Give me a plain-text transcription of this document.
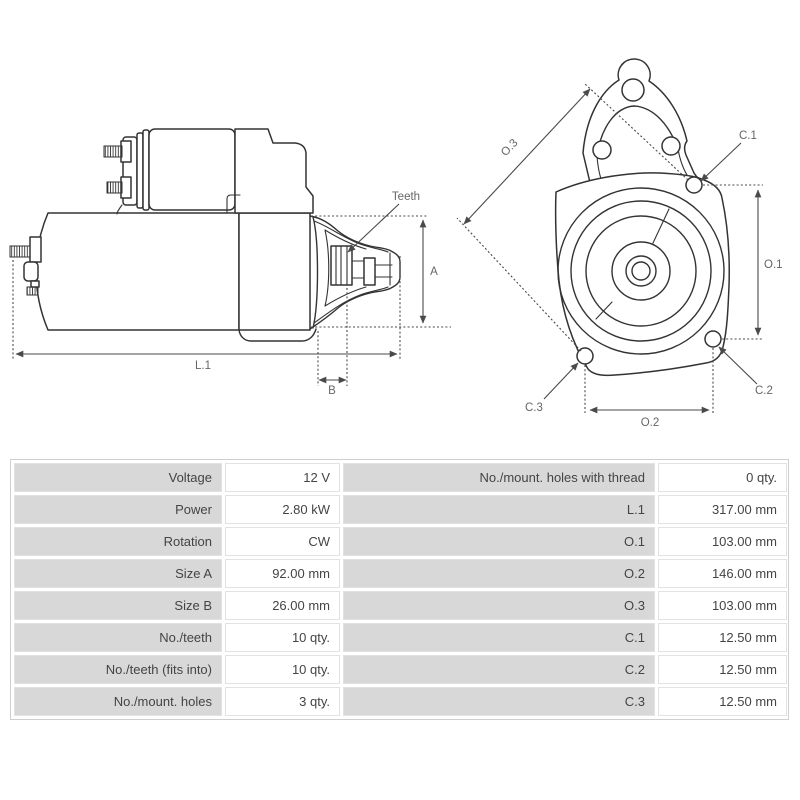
Teeth
A
L.1
B
O.3
O.1
O.2
C.1
C.2
C.3
Voltage	12 V	No./mount. holes with thread	0 qty.
Power	2.80 kW	L.1	317.00 mm
Rotation	CW	O.1	103.00 mm
Size A	92.00 mm	O.2	146.00 mm
Size B	26.00 mm	O.3	103.00 mm
No./teeth	10 qty.	C.1	12.50 mm
No./teeth (fits into)	10 qty.	C.2	12.50 mm
No./mount. holes	3 qty.	C.3	12.50 mm
